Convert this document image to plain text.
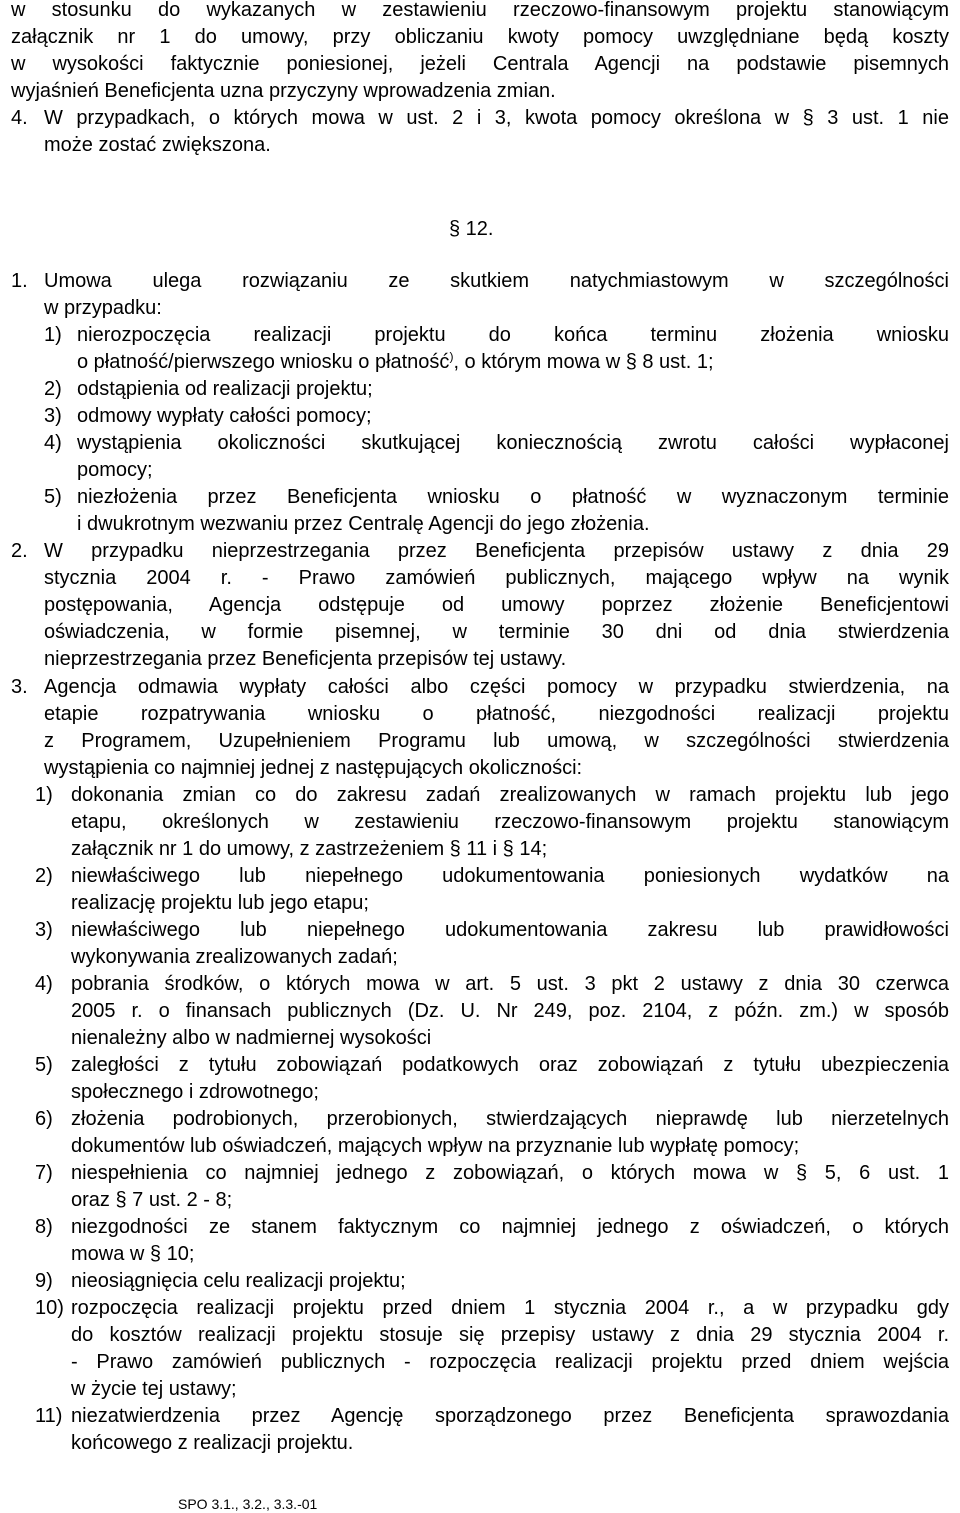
w stosunku do wykazanych w zestawieniu rzeczowo-finansowym projektu stanowiącym
załącznik nr 1 do umowy, przy obliczaniu kwoty pomocy uwzględniane będą koszty
w wysokości faktycznie poniesionej, jeżeli Centrala Agencji na podstawie pisemnych
wyjaśnień Beneficjenta uzna przyczyny wprowadzenia zmian.
4. W przypadkach, o których mowa w ust. 2 i 3, kwota pomocy określona w § 3 ust. 1 nie
może zostać zwiększona.
§ 12.
1. Umowa ulega rozwiązaniu ze skutkiem natychmiastowym w szczególności
w przypadku:
1) nierozpoczęcia realizacji projektu do końca terminu złożenia wniosku
o płatność/pierwszego wniosku o płatność), o którym mowa w § 8 ust. 1;
2) odstąpienia od realizacji projektu;
3) odmowy wypłaty całości pomocy;
4) wystąpienia okoliczności skutkującej koniecznością zwrotu całości wypłaconej
pomocy;
5) niezłożenia przez Beneficjenta wniosku o płatność w wyznaczonym terminie
i dwukrotnym wezwaniu przez Centralę Agencji do jego złożenia.
2. W przypadku nieprzestrzegania przez Beneficjenta przepisów ustawy z dnia 29
stycznia 2004 r. - Prawo zamówień publicznych, mającego wpływ na wynik
postępowania, Agencja odstępuje od umowy poprzez złożenie Beneficjentowi
oświadczenia, w formie pisemnej, w terminie 30 dni od dnia stwierdzenia
nieprzestrzegania przez Beneficjenta przepisów tej ustawy.
3. Agencja odmawia wypłaty całości albo części pomocy w przypadku stwierdzenia, na
etapie rozpatrywania wniosku o płatność, niezgodności realizacji projektu
z Programem, Uzupełnieniem Programu lub umową, w szczególności stwierdzenia
wystąpienia co najmniej jednej z następujących okoliczności:
1) dokonania zmian co do zakresu zadań zrealizowanych w ramach projektu lub jego
etapu, określonych w zestawieniu rzeczowo-finansowym projektu stanowiącym
załącznik nr 1 do umowy, z zastrzeżeniem § 11 i § 14;
2) niewłaściwego lub niepełnego udokumentowania poniesionych wydatków na
realizację projektu lub jego etapu;
3) niewłaściwego lub niepełnego udokumentowania zakresu lub prawidłowości
wykonywania zrealizowanych zadań;
4) pobrania środków, o których mowa w art. 5 ust. 3 pkt 2 ustawy z dnia 30 czerwca
2005 r. o finansach publicznych (Dz. U. Nr 249, poz. 2104, z późn. zm.) w sposób
nienależny albo w nadmiernej wysokości
5) zaległości z tytułu zobowiązań podatkowych oraz zobowiązań z tytułu ubezpieczenia
społecznego i zdrowotnego;
6) złożenia podrobionych, przerobionych, stwierdzających nieprawdę lub nierzetelnych
dokumentów lub oświadczeń, mających wpływ na przyznanie lub wypłatę pomocy;
7) niespełnienia co najmniej jednego z zobowiązań, o których mowa w § 5, 6 ust. 1
oraz § 7 ust. 2 - 8;
8) niezgodności ze stanem faktycznym co najmniej jednego z oświadczeń, o których
mowa w § 10;
9) nieosiągnięcia celu realizacji projektu;
10) rozpoczęcia realizacji projektu przed dniem 1 stycznia 2004 r., a w przypadku gdy
do kosztów realizacji projektu stosuje się przepisy ustawy z dnia 29 stycznia 2004 r.
- Prawo zamówień publicznych - rozpoczęcia realizacji projektu przed dniem wejścia
w życie tej ustawy;
11) niezatwierdzenia przez Agencję sporządzonego przez Beneficjenta sprawozdania
końcowego z realizacji projektu.
SPO 3.1., 3.2., 3.3.-01
